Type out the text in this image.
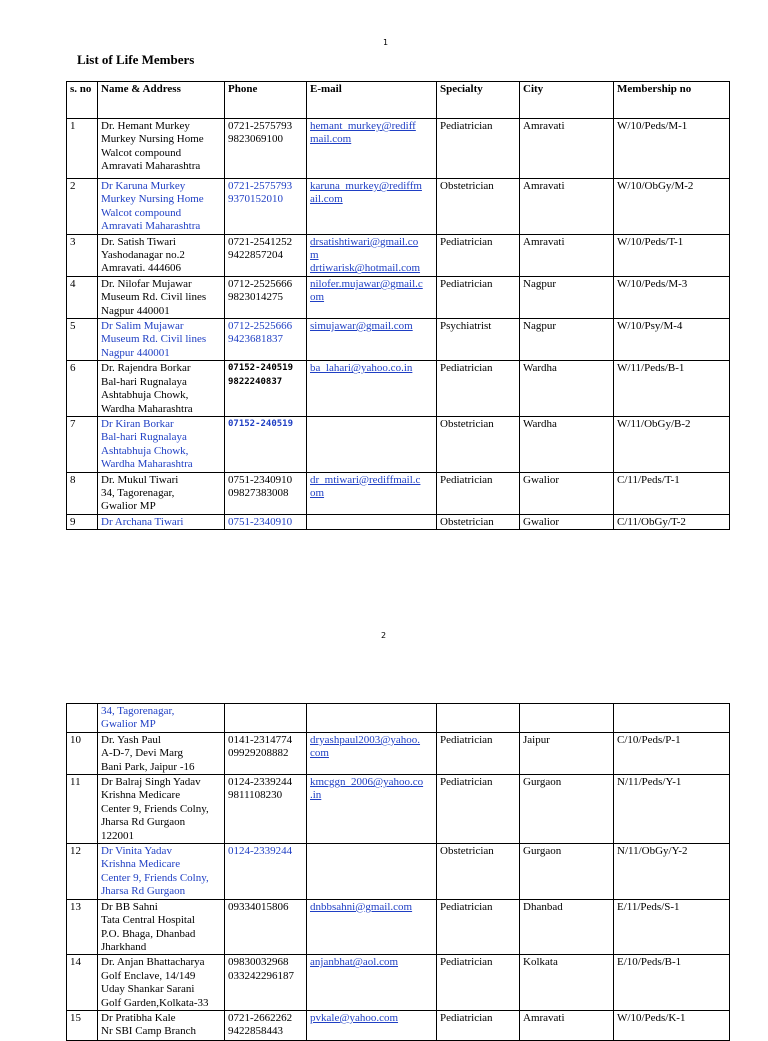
1
List of Life Members
s. no	Name & Address	Phone	E-mail	Specialty	City	Membership no
1	Dr. Hemant Murkey
Murkey Nursing Home
Walcot compound
Amravati Maharashtra	0721-2575793
9823069100	hemant_murkey@rediff
mail.com	Pediatrician	Amravati	W/10/Peds/M-1
2	Dr Karuna Murkey
Murkey Nursing Home
Walcot compound
Amravati Maharashtra	0721-2575793
9370152010	karuna_murkey@rediffm
ail.com	Obstetrician	Amravati	W/10/ObGy/M-2
3	Dr. Satish Tiwari
Yashodanagar no.2
Amravati. 444606	0721-2541252
9422857204	drsatishtiwari@gmail.co
m
drtiwarisk@hotmail.com	Pediatrician	Amravati	W/10/Peds/T-1
4	Dr. Nilofar Mujawar
Museum Rd. Civil lines
Nagpur 440001	0712-2525666
9823014275	nilofer.mujawar@gmail.c
om	Pediatrician	Nagpur	W/10/Peds/M-3
5	Dr Salim Mujawar
Museum Rd. Civil lines
Nagpur 440001	0712-2525666
9423681837	simujawar@gmail.com	Psychiatrist	Nagpur	W/10/Psy/M-4
6	Dr. Rajendra Borkar
Bal-hari Rugnalaya
Ashtabhuja Chowk,
Wardha Maharashtra	07152-240519
9822240837	ba_lahari@yahoo.co.in	Pediatrician	Wardha	W/11/Peds/B-1
7	Dr Kiran Borkar
Bal-hari Rugnalaya
Ashtabhuja Chowk,
Wardha Maharashtra	07152-240519		Obstetrician	Wardha	W/11/ObGy/B-2
8	Dr. Mukul Tiwari
34, Tagorenagar,
Gwalior MP	0751-2340910
09827383008	dr_mtiwari@rediffmail.c
om	Pediatrician	Gwalior	C/11/Peds/T-1
9	Dr Archana Tiwari	0751-2340910		Obstetrician	Gwalior	C/11/ObGy/T-2
2

	34, Tagorenagar,
Gwalior MP					

10	Dr. Yash Paul
A-D-7, Devi Marg
Bani Park, Jaipur -16	0141-2314774
09929208882	dryashpaul2003@yahoo.
com	Pediatrician	Jaipur	C/10/Peds/P-1
11	Dr Balraj Singh Yadav
Krishna Medicare
Center 9, Friends Colny,
Jharsa Rd Gurgaon
122001	0124-2339244
9811108230	kmcggn_2006@yahoo.co
.in	Pediatrician	Gurgaon	N/11/Peds/Y-1
12	Dr Vinita Yadav
Krishna Medicare
Center 9, Friends Colny,
Jharsa Rd Gurgaon	0124-2339244		Obstetrician	Gurgaon	N/11/ObGy/Y-2
13	Dr BB Sahni
Tata Central Hospital
P.O. Bhaga, Dhanbad
Jharkhand	09334015806	dnbbsahni@gmail.com	Pediatrician	Dhanbad	E/11/Peds/S-1
14	Dr. Anjan Bhattacharya
Golf Enclave, 14/149
Uday Shankar Sarani
Golf Garden,Kolkata-33	09830032968
033242296187	anjanbhat@aol.com	Pediatrician	Kolkata	E/10/Peds/B-1
15	Dr Pratibha Kale
Nr SBI Camp Branch	0721-2662262
9422858443	pvkale@yahoo.com	Pediatrician	Amravati	W/10/Peds/K-1
